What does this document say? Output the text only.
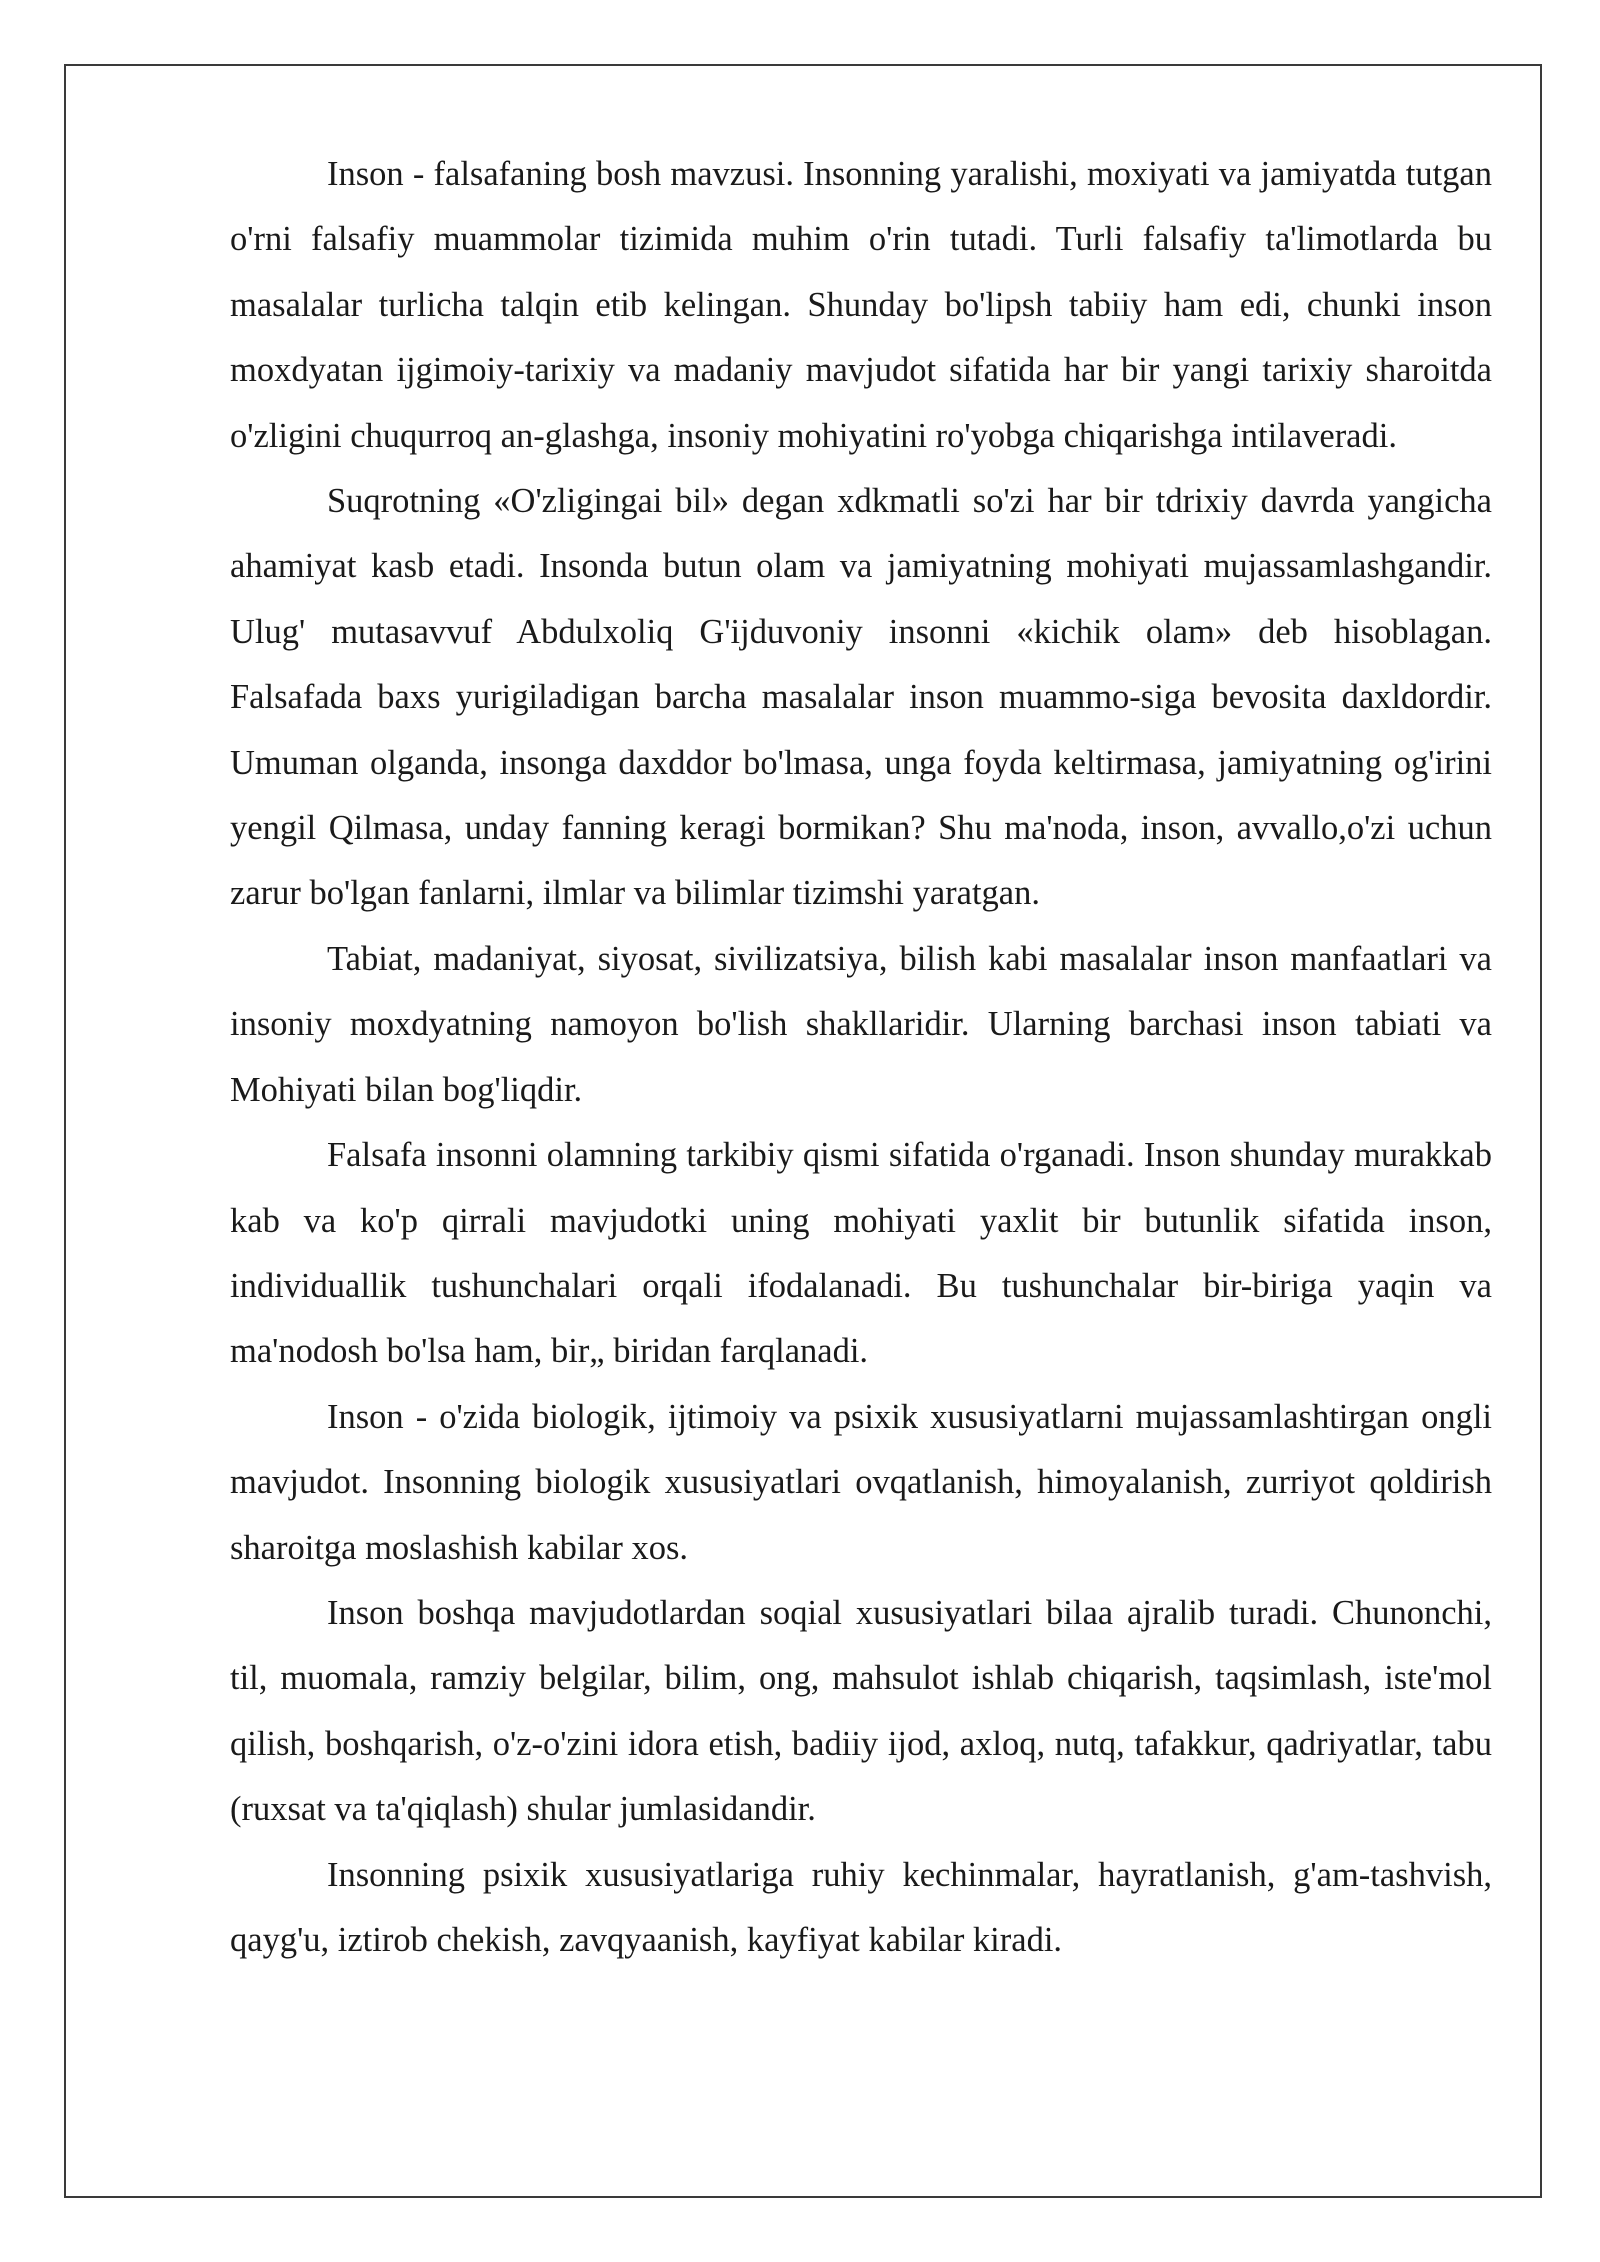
Inson - falsafaning bosh mavzusi. Insonning yaralishi, moxiyati va jamiyatda tutgan o'rni falsafiy muammolar tizimida muhim o'rin tutadi. Turli falsafiy ta'limotlarda bu masalalar turlicha talqin etib kelingan. Shunday bo'lipsh tabiiy ham edi, chunki inson moxdyatan ijgimoiy-tarixiy va madaniy mavjudot sifatida har bir yangi tarixiy sharoitda o'zligini chuqurroq an-glashga, insoniy mohiyatini ro'yobga chiqarishga intilaveradi.

Suqrotning «O'zligingai bil» degan xdkmatli so'zi har bir tdrixiy davrda yangicha ahamiyat kasb etadi. Insonda butun olam va jamiyatning mohiyati mujassamlashgandir. Ulug' mutasavvuf Abdulxoliq G'ijduvoniy insonni «kichik olam» deb hisoblagan. Falsafada baxs yurigiladigan barcha masalalar inson muammo-siga bevosita daxldordir. Umuman olganda, insonga daxddor bo'lmasa, unga foyda keltirmasa, jamiyatning og'irini yengil Qilmasa, unday fanning keragi bormikan? Shu ma'noda, inson, avvallo,o'zi uchun zarur bo'lgan fanlarni, ilmlar va bilimlar tizimshi yaratgan.

Tabiat, madaniyat, siyosat, sivilizatsiya, bilish kabi masalalar inson manfaatlari va insoniy moxdyatning namoyon bo'lish shakllaridir. Ularning barchasi inson tabiati va Mohiyati bilan bog'liqdir.

Falsafa insonni olamning tarkibiy qismi sifatida o'rganadi. Inson shunday murakkab kab va ko'p qirrali mavjudotki uning mohiyati yaxlit bir butunlik sifatida inson, individuallik tushunchalari orqali ifodalanadi. Bu tushunchalar bir-biriga yaqin va ma'nodosh bo'lsa ham, bir„ biridan farqlanadi.

Inson - o'zida biologik, ijtimoiy va psixik xususiyatlarni mujassamlashtirgan ongli mavjudot. Insonning biologik xususiyatlari ovqatlanish, himoyalanish, zurriyot qoldirish sharoitga moslashish kabilar xos.

Inson boshqa mavjudotlardan soqial xususiyatlari bilaa ajralib turadi. Chunonchi, til, muomala, ramziy belgilar, bilim, ong, mahsulot ishlab chiqarish, taqsimlash, iste'mol qilish, boshqarish, o'z-o'zini idora etish, badiiy ijod, axloq, nutq, tafakkur, qadriyatlar, tabu (ruxsat va ta'qiqlash) shular jumlasidandir.

Insonning psixik xususiyatlariga ruhiy kechinmalar, hayratlanish, g'am-tashvish, qayg'u, iztirob chekish, zavqyaanish, kayfiyat kabilar kiradi.
